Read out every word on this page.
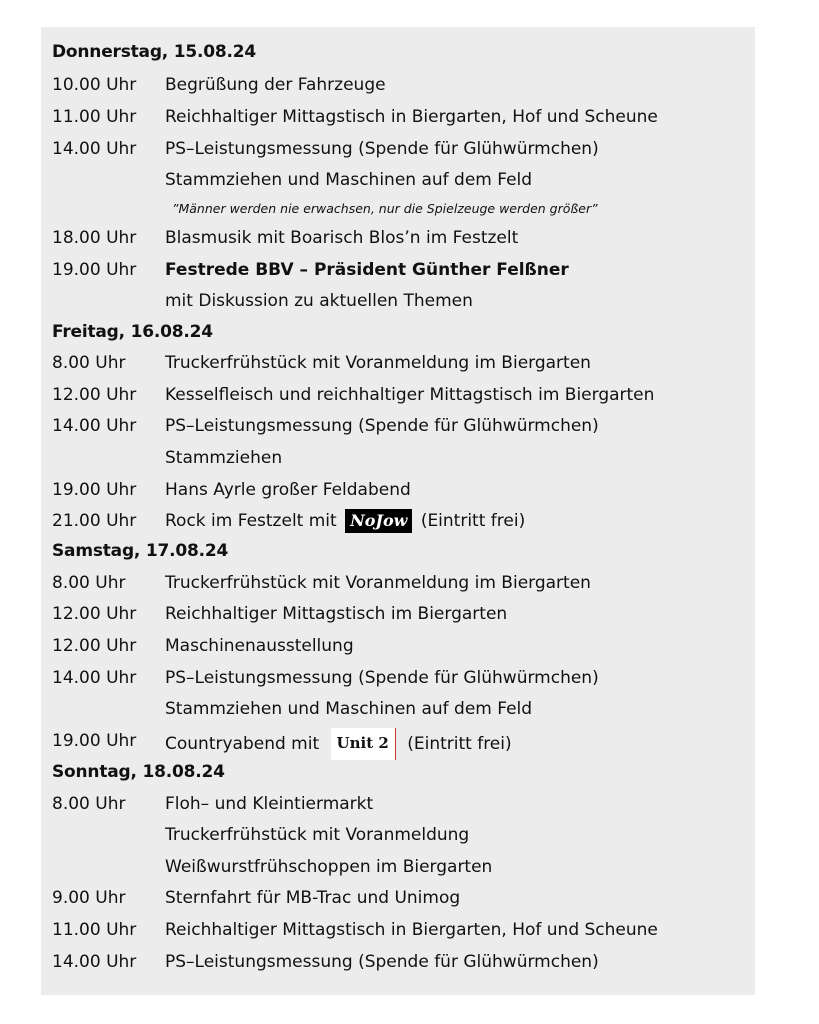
Donnerstag, 15.08.24
10.00 Uhr	Begrüßung der Fahrzeuge
11.00 Uhr	Reichhaltiger Mittagstisch in Biergarten, Hof und Scheune
14.00 Uhr	PS–Leistungsmessung (Spende für Glühwürmchen)
Stammziehen und Maschinen auf dem Feld
”Männer werden nie erwachsen, nur die Spielzeuge werden größer”
18.00 Uhr	Blasmusik mit Boarisch Blos’n im Festzelt
19.00 Uhr	Festrede BBV – Präsident Günther Felßner
mit Diskussion zu aktuellen Themen
Freitag, 16.08.24
8.00 Uhr	Truckerfrühstück mit Voranmeldung im Biergarten
12.00 Uhr	Kesselfleisch und reichhaltiger Mittagstisch im Biergarten
14.00 Uhr	PS–Leistungsmessung (Spende für Glühwürmchen)
Stammziehen
19.00 Uhr	Hans Ayrle großer Feldabend
21.00 Uhr	Rock im Festzelt mit NoJow (Eintritt frei)
Samstag, 17.08.24
8.00 Uhr	Truckerfrühstück mit Voranmeldung im Biergarten
12.00 Uhr	Reichhaltiger Mittagstisch im Biergarten
12.00 Uhr	Maschinenausstellung
14.00 Uhr	PS–Leistungsmessung (Spende für Glühwürmchen)
Stammziehen und Maschinen auf dem Feld
19.00 Uhr	Countryabend mit Unit 2 (Eintritt frei)
Sonntag, 18.08.24
8.00 Uhr	Floh– und Kleintiermarkt
Truckerfrühstück mit Voranmeldung
Weißwurstfrühschoppen im Biergarten
9.00 Uhr	Sternfahrt für MB-Trac und Unimog
11.00 Uhr	Reichhaltiger Mittagstisch in Biergarten, Hof und Scheune
14.00 Uhr	PS–Leistungsmessung (Spende für Glühwürmchen)
